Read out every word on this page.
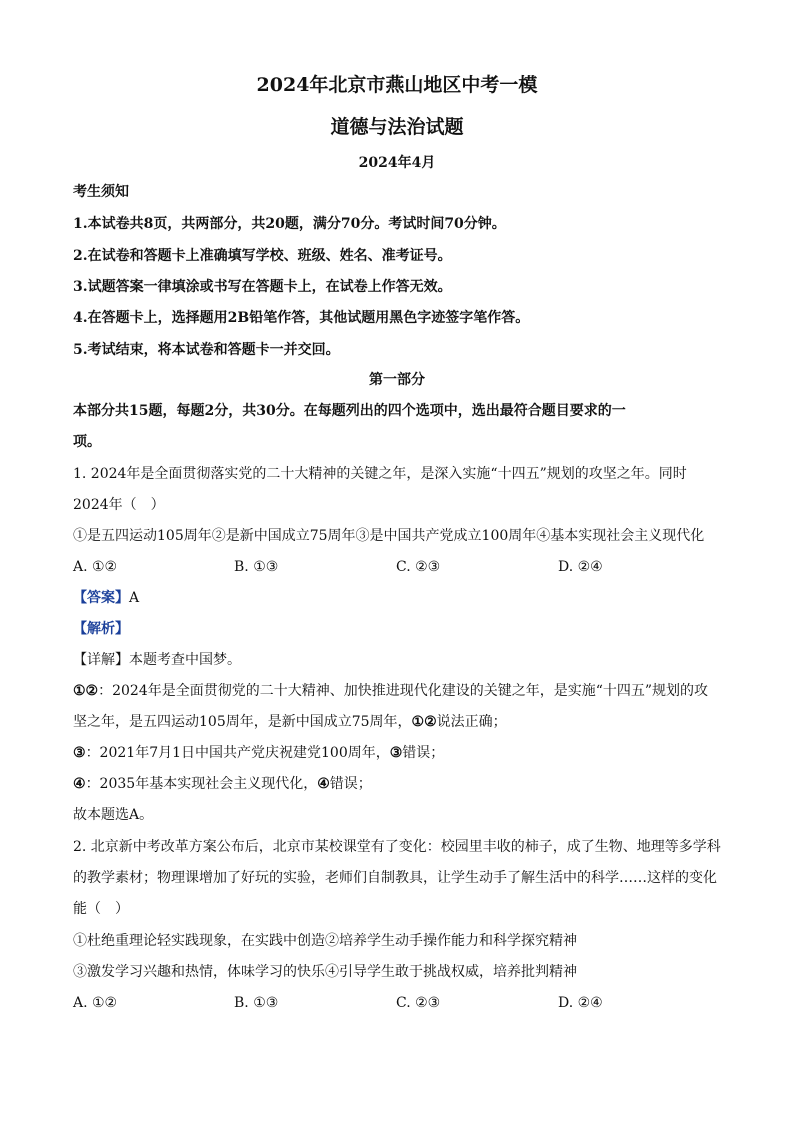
2024年北京市燕山地区中考一模
道德与法治试题
2024年4月
考生须知
1.本试卷共8页，共两部分，共20题，满分70分。考试时间70分钟。
2.在试卷和答题卡上准确填写学校、班级、姓名、准考证号。
3.试题答案一律填涂或书写在答题卡上，在试卷上作答无效。
4.在答题卡上，选择题用2B铅笔作答，其他试题用黑色字迹签字笔作答。
5.考试结束，将本试卷和答题卡一并交回。
第一部分
本部分共15题，每题2分，共30分。在每题列出的四个选项中，选出最符合题目要求的一
项。
1. 2024年是全面贯彻落实党的二十大精神的关键之年，是深入实施“十四五”规划的攻坚之年。同时
2024年（　）
①是五四运动105周年②是新中国成立75周年③是中国共产党成立100周年④基本实现社会主义现代化
A. ①②	B. ①③	C. ②③	D. ②④
【答案】A
【解析】
【详解】本题考查中国梦。
①②：2024年是全面贯彻党的二十大精神、加快推进现代化建设的关键之年，是实施“十四五”规划的攻
坚之年，是五四运动105周年，是新中国成立75周年，①②说法正确；
③：2021年7月1日中国共产党庆祝建党100周年，③错误；
④：2035年基本实现社会主义现代化，④错误；
故本题选A。
2. 北京新中考改革方案公布后，北京市某校课堂有了变化：校园里丰收的柿子，成了生物、地理等多学科
的教学素材；物理课增加了好玩的实验，老师们自制教具，让学生动手了解生活中的科学……这样的变化
能（　）
①杜绝重理论轻实践现象，在实践中创造②培养学生动手操作能力和科学探究精神
③激发学习兴趣和热情，体味学习的快乐④引导学生敢于挑战权威，培养批判精神
A. ①②	B. ①③	C. ②③	D. ②④
